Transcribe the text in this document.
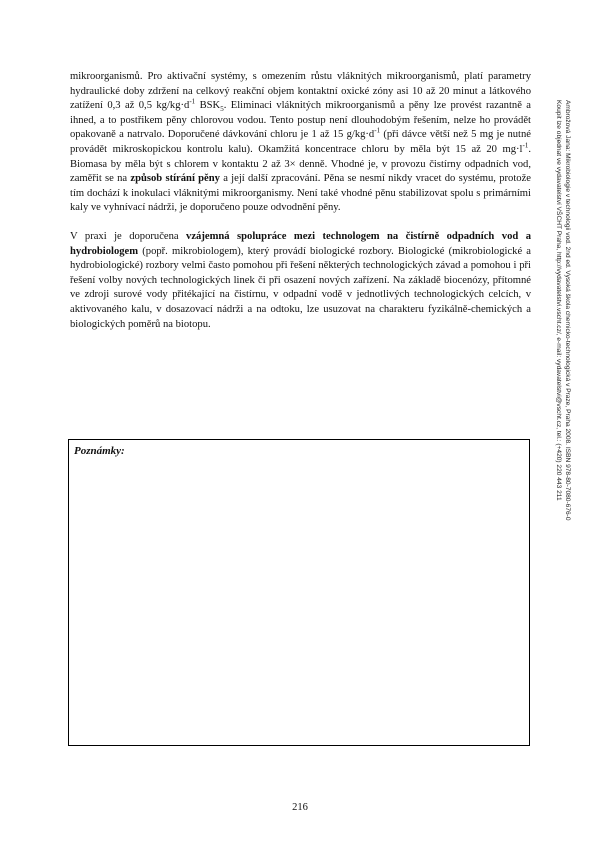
mikroorganismů. Pro aktivační systémy, s omezením růstu vláknitých mikroorganismů, platí parametry hydraulické doby zdržení na celkový reakční objem kontaktní oxické zóny asi 10 až 20 minut a látkového zatížení 0,3 až 0,5 $kg/kg\cdot d^{-1}$ $BSK_5$. Eliminaci vláknitých mikroorganismů a pěny lze provést razantně a ihned, a to postřikem pěny chlorovou vodou. Tento postup není dlouhodobým řešením, nelze ho provádět opakovaně a natrvalo. Doporučené dávkování chloru je 1 až 15 $g/kg\cdot d^{-1}$ (při dávce větší než 5 mg je nutné provádět mikroskopickou kontrolu kalu). Okamžitá koncentrace chloru by měla být 15 až 20 $mg\cdot l^{-1}$. Biomasa by měla být s chlorem v kontaktu 2 až 3× denně. Vhodné je, v provozu čistírny odpadních vod, zaměřit se na způsob stírání pěny a její další zpracování. Pěna se nesmí nikdy vracet do systému, protože tím dochází k inokulaci vláknitými mikroorganismy. Není také vhodné pěnu stabilizovat spolu s primárními kaly ve vyhnívací nádrži, je doporučeno pouze odvodnění pěny.

V praxi je doporučena vzájemná spolupráce mezi technologem na čistírně odpadních vod a hydrobiologem (popř. mikrobiologem), který provádí biologické rozbory. Biologické (mikrobiologické a hydrobiologické) rozbory velmi často pomohou při řešení některých technologických závad a pomohou i při řešení volby nových technologických linek či při osazení nových zařízení. Na základě biocenózy, přítomné ve zdroji surové vody přitékající na čistírnu, v odpadní vodě v jednotlivých technologických celcích, v aktivovaného kalu, v dosazovací nádrži a na odtoku, lze usuzovat na charakteru fyzikálně-chemických a biologických poměrů na biotopu.

Poznámky:
216
Ambrožová Jana: Mikrobiologie v technologii vod. 2nd ed. Vysoká škola chemicko-technologická v Praze, Praha 2008. ISBN 978-80-7080-676-0
Koupit lze objednat ve vydavatelství VŠCHT Praha, http://vydavatelstvi.vscht.cz/, e-mail: vydavatelstvi@vscht.cz, tel.: (+420) 220 443 211
